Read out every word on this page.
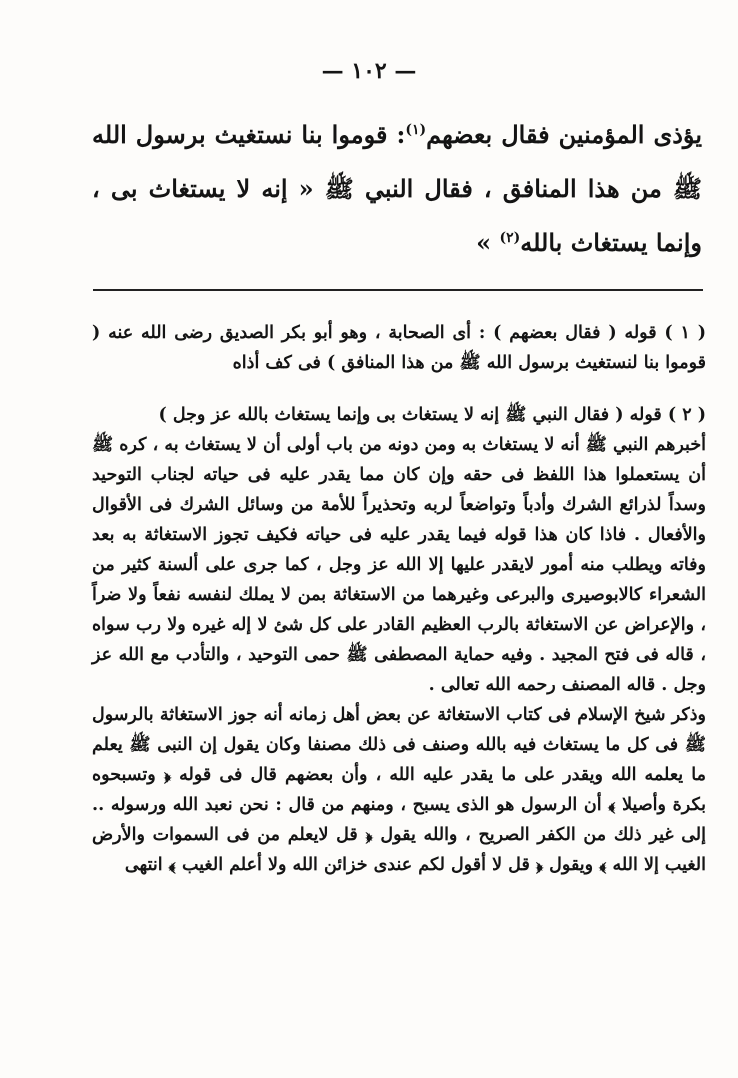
— ١٠٢ —

يؤذى المؤمنين فقال بعضهم$^{(١)}$: قوموا بنا نستغيث برسول الله ﷺ من هذا المنافق ، فقال النبي ﷺ « إنه لا يستغاث بى ، وإنما يستغاث بالله$^{(٢)}$ »

( ١ ) قوله ( فقال بعضهم ) : أى الصحابة ، وهو أبو بكر الصديق رضى الله عنه ( قوموا بنا لنستغيث برسول الله ﷺ من هذا المنافق ) فى كف أذاه

( ٢ ) قوله ( فقال النبي ﷺ إنه لا يستغاث بى وإنما يستغاث بالله عز وجل )

أخبرهم النبي ﷺ أنه لا يستغاث به ومن دونه من باب أولى أن لا يستغاث به ، كره ﷺ أن يستعملوا هذا اللفظ فى حقه وإن كان مما يقدر عليه فى حياته لجناب التوحيد وسداً لذرائع الشرك وأدباً وتواضعاً لربه وتحذيراً للأمة من وسائل الشرك فى الأقوال والأفعال . فاذا كان هذا قوله فيما يقدر عليه فى حياته فكيف تجوز الاستغاثة به بعد وفاته ويطلب منه أمور لايقدر عليها إلا الله عز وجل ، كما جرى على ألسنة كثير من الشعراء كالابوصيرى والبرعى وغيرهما من الاستغاثة بمن لا يملك لنفسه نفعاً ولا ضراً ، والإعراض عن الاستغاثة بالرب العظيم القادر على كل شئ لا إله غيره ولا رب سواه ، قاله فى فتح المجيد . وفيه حماية المصطفى ﷺ حمى التوحيد ، والتأدب مع الله عز وجل . قاله المصنف رحمه الله تعالى .
وذكر شيخ الإسلام فى كتاب الاستغاثة عن بعض أهل زمانه أنه جوز الاستغاثة بالرسول ﷺ فى كل ما يستغاث فيه بالله وصنف فى ذلك مصنفا وكان يقول إن النبى ﷺ يعلم ما يعلمه الله ويقدر على ما يقدر عليه الله ، وأن بعضهم قال فى قوله ﴿ وتسبحوه بكرة وأصيلا ﴾ أن الرسول هو الذى يسبح ، ومنهم من قال : نحن نعبد الله ورسوله .. إلى غير ذلك من الكفر الصريح ، والله يقول ﴿ قل لايعلم من فى السموات والأرض الغيب إلا الله ﴾ ويقول ﴿ قل لا أقول لكم عندى خزائن الله ولا أعلم الغيب ﴾ انتهى
